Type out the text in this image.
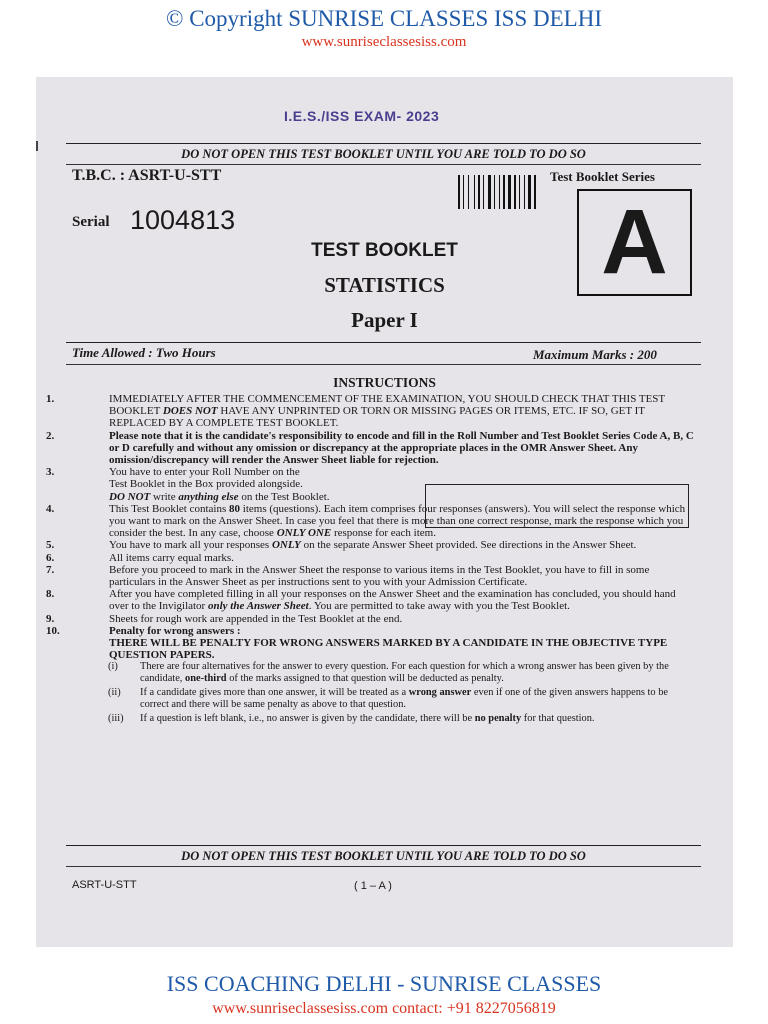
© Copyright SUNRISE CLASSES ISS DELHI
www.sunriseclassesiss.com
I.E.S./ISS EXAM- 2023
DO NOT OPEN THIS TEST BOOKLET UNTIL YOU ARE TOLD TO DO SO
T.B.C. : ASRT-U-STT	Test Booklet Series
A
Serial 1004813
TEST BOOKLET
STATISTICS
Paper I
Time Allowed : Two Hours	Maximum Marks : 200
INSTRUCTIONS
1.	IMMEDIATELY AFTER THE COMMENCEMENT OF THE EXAMINATION, YOU SHOULD CHECK THAT THIS TEST BOOKLET DOES NOT HAVE ANY UNPRINTED OR TORN OR MISSING PAGES OR ITEMS, ETC. IF SO, GET IT REPLACED BY A COMPLETE TEST BOOKLET.
2.	Please note that it is the candidate's responsibility to encode and fill in the Roll Number and Test Booklet Series Code A, B, C or D carefully and without any omission or discrepancy at the appropriate places in the OMR Answer Sheet. Any omission/discrepancy will render the Answer Sheet liable for rejection.
3.	You have to enter your Roll Number on the
Test Booklet in the Box provided alongside.
DO NOT write anything else on the Test Booklet.
4.	This Test Booklet contains 80 items (questions). Each item comprises four responses (answers). You will select the response which you want to mark on the Answer Sheet. In case you feel that there is more than one correct response, mark the response which you consider the best. In any case, choose ONLY ONE response for each item.
5.	You have to mark all your responses ONLY on the separate Answer Sheet provided. See directions in the Answer Sheet.
6.	All items carry equal marks.
7.	Before you proceed to mark in the Answer Sheet the response to various items in the Test Booklet, you have to fill in some particulars in the Answer Sheet as per instructions sent to you with your Admission Certificate.
8.	After you have completed filling in all your responses on the Answer Sheet and the examination has concluded, you should hand over to the Invigilator only the Answer Sheet. You are permitted to take away with you the Test Booklet.
9.	Sheets for rough work are appended in the Test Booklet at the end.
10.	Penalty for wrong answers :
THERE WILL BE PENALTY FOR WRONG ANSWERS MARKED BY A CANDIDATE IN THE OBJECTIVE TYPE QUESTION PAPERS.
(i)	There are four alternatives for the answer to every question. For each question for which a wrong answer has been given by the candidate, one-third of the marks assigned to that question will be deducted as penalty.
(ii)	If a candidate gives more than one answer, it will be treated as a wrong answer even if one of the given answers happens to be correct and there will be same penalty as above to that question.
(iii)	If a question is left blank, i.e., no answer is given by the candidate, there will be no penalty for that question.
DO NOT OPEN THIS TEST BOOKLET UNTIL YOU ARE TOLD TO DO SO
ASRT-U-STT	( 1 – A )
ISS COACHING DELHI - SUNRISE CLASSES
www.sunriseclassesiss.com contact: +91 8227056819
